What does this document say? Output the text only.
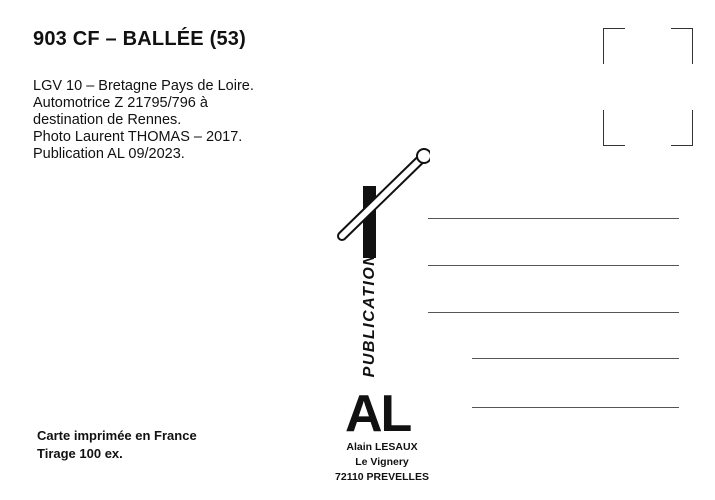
903 CF – BALLÉE (53)
LGV 10 – Bretagne Pays de Loire.
Automotrice Z 21795/796 à
destination de Rennes.
Photo Laurent THOMAS – 2017.
Publication AL 09/2023.
PUBLICATION
AL
Alain LESAUX
Le Vignery
72110 PREVELLES
Carte imprimée en France
Tirage 100 ex.
